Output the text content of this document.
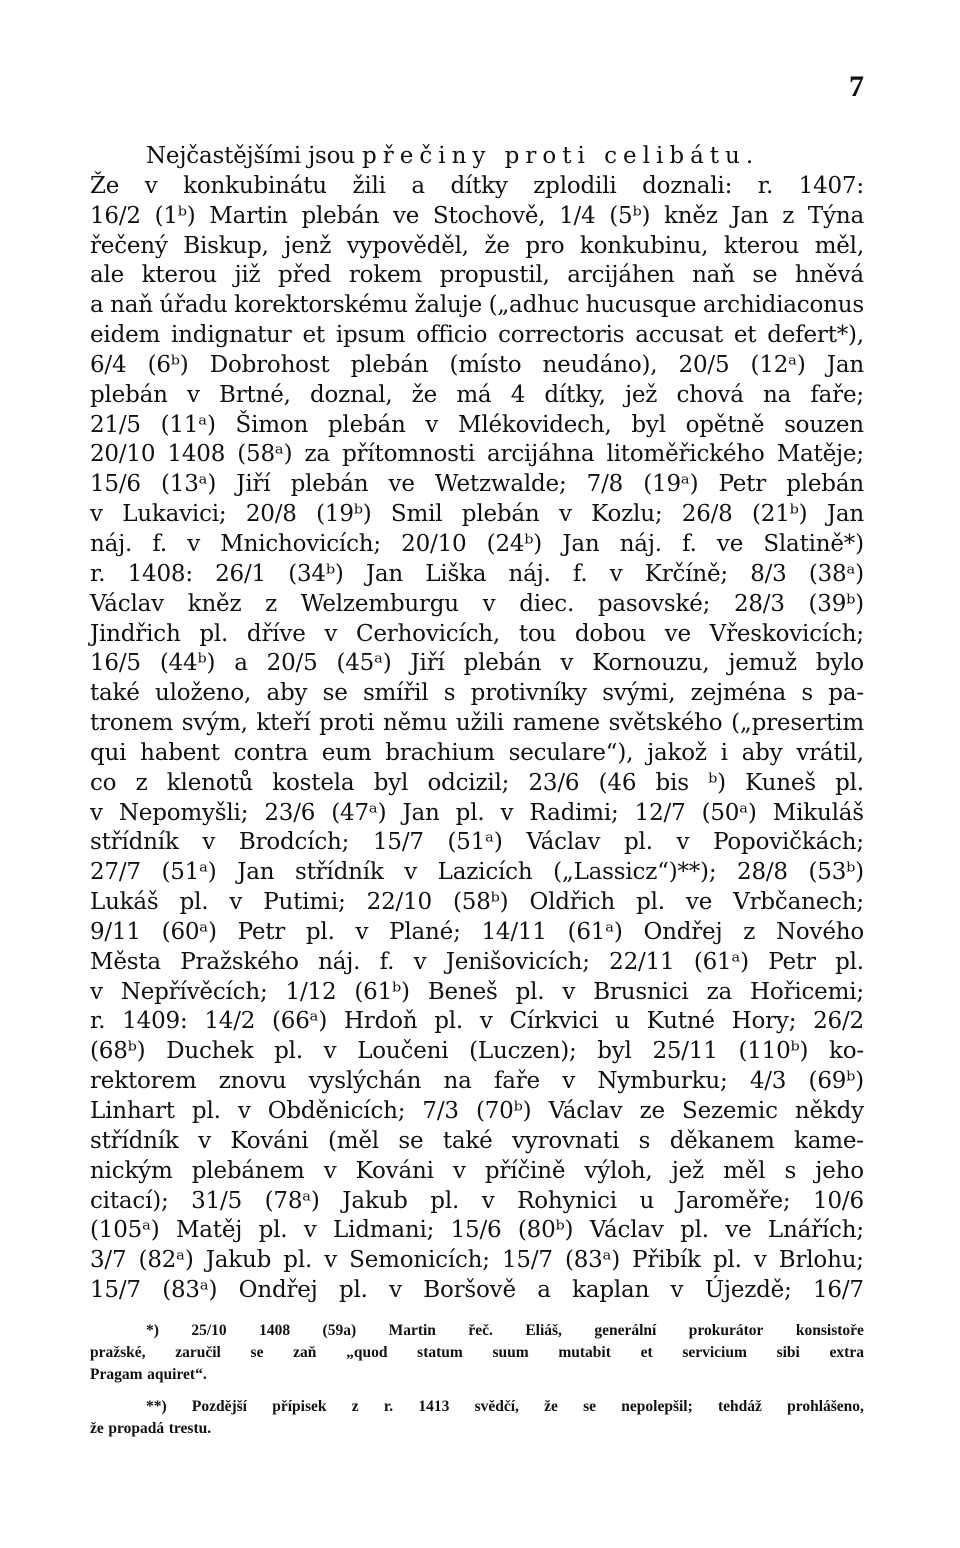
7
Nejčastějšími jsou přečiny proti celibátu.
Že v konkubinátu žili a dítky zplodili doznali: r. 1407:
16/2 (1ᵇ) Martin plebán ve Stochově, 1/4 (5ᵇ) kněz Jan z Týna
řečený Biskup, jenž vypověděl, že pro konkubinu, kterou měl,
ale kterou již před rokem propustil, arcijáhen naň se hněvá
a naň úřadu korektorskému žaluje („adhuc hucusque archidiaconus
eidem indignatur et ipsum officio correctoris accusat et defert*),
6/4 (6ᵇ) Dobrohost plebán (místo neudáno), 20/5 (12ᵃ) Jan
plebán v Brtné, doznal, že má 4 dítky, jež chová na faře;
21/5 (11ᵃ) Šimon plebán v Mlékovidech, byl opětně souzen
20/10 1408 (58ᵃ) za přítomnosti arcijáhna litoměřického Matěje;
15/6 (13ᵃ) Jiří plebán ve Wetzwalde; 7/8 (19ᵃ) Petr plebán
v Lukavici; 20/8 (19ᵇ) Smil plebán v Kozlu; 26/8 (21ᵇ) Jan
náj. f. v Mnichovicích; 20/10 (24ᵇ) Jan náj. f. ve Slatině*)
r. 1408: 26/1 (34ᵇ) Jan Liška náj. f. v Krčíně; 8/3 (38ᵃ)
Václav kněz z Welzemburgu v diec. pasovské; 28/3 (39ᵇ)
Jindřich pl. dříve v Cerhovicích, tou dobou ve Vřeskovicích;
16/5 (44ᵇ) a 20/5 (45ᵃ) Jiří plebán v Kornouzu, jemuž bylo
také uloženo, aby se smířil s protivníky svými, zejména s pa-
tronem svým, kteří proti němu užili ramene světského („presertim
qui habent contra eum brachium seculare“), jakož i aby vrátil,
co z klenotů kostela byl odcizil; 23/6 (46 bis ᵇ) Kuneš pl.
v Nepomyšli; 23/6 (47ᵃ) Jan pl. v Radimi; 12/7 (50ᵃ) Mikuláš
střídník v Brodcích; 15/7 (51ᵃ) Václav pl. v Popovičkách;
27/7 (51ᵃ) Jan střídník v Lazicích („Lassicz“)**); 28/8 (53ᵇ)
Lukáš pl. v Putimi; 22/10 (58ᵇ) Oldřich pl. ve Vrbčanech;
9/11 (60ᵃ) Petr pl. v Plané; 14/11 (61ᵃ) Ondřej z Nového
Města Pražského náj. f. v Jenišovicích; 22/11 (61ᵃ) Petr pl.
v Nepřívěcích; 1/12 (61ᵇ) Beneš pl. v Brusnici za Hořicemi;
r. 1409: 14/2 (66ᵃ) Hrdoň pl. v Církvici u Kutné Hory; 26/2
(68ᵇ) Duchek pl. v Loučeni (Luczen); byl 25/11 (110ᵇ) ko-
rektorem znovu vyslýchán na faře v Nymburku; 4/3 (69ᵇ)
Linhart pl. v Obděnicích; 7/3 (70ᵇ) Václav ze Sezemic někdy
střídník v Kováni (měl se také vyrovnati s děkanem kame-
nickým plebánem v Kováni v příčině výloh, jež měl s jeho
citací); 31/5 (78ᵃ) Jakub pl. v Rohynici u Jaroměře; 10/6
(105ᵃ) Matěj pl. v Lidmani; 15/6 (80ᵇ) Václav pl. ve Lnářích;
3/7 (82ᵃ) Jakub pl. v Semonicích; 15/7 (83ᵃ) Přibík pl. v Brlohu;
15/7 (83ᵃ) Ondřej pl. v Boršově a kaplan v Újezdě; 16/7
*) 25/10 1408 (59a) Martin řeč. Eliáš, generální prokurátor konsistoře
pražské, zaručil se zaň „quod statum suum mutabit et servicium sibi extra
Pragam aquiret“.
**) Pozdější přípisek z r. 1413 svědčí, že se nepolepšil; tehdáž prohlášeno,
že propadá trestu.
